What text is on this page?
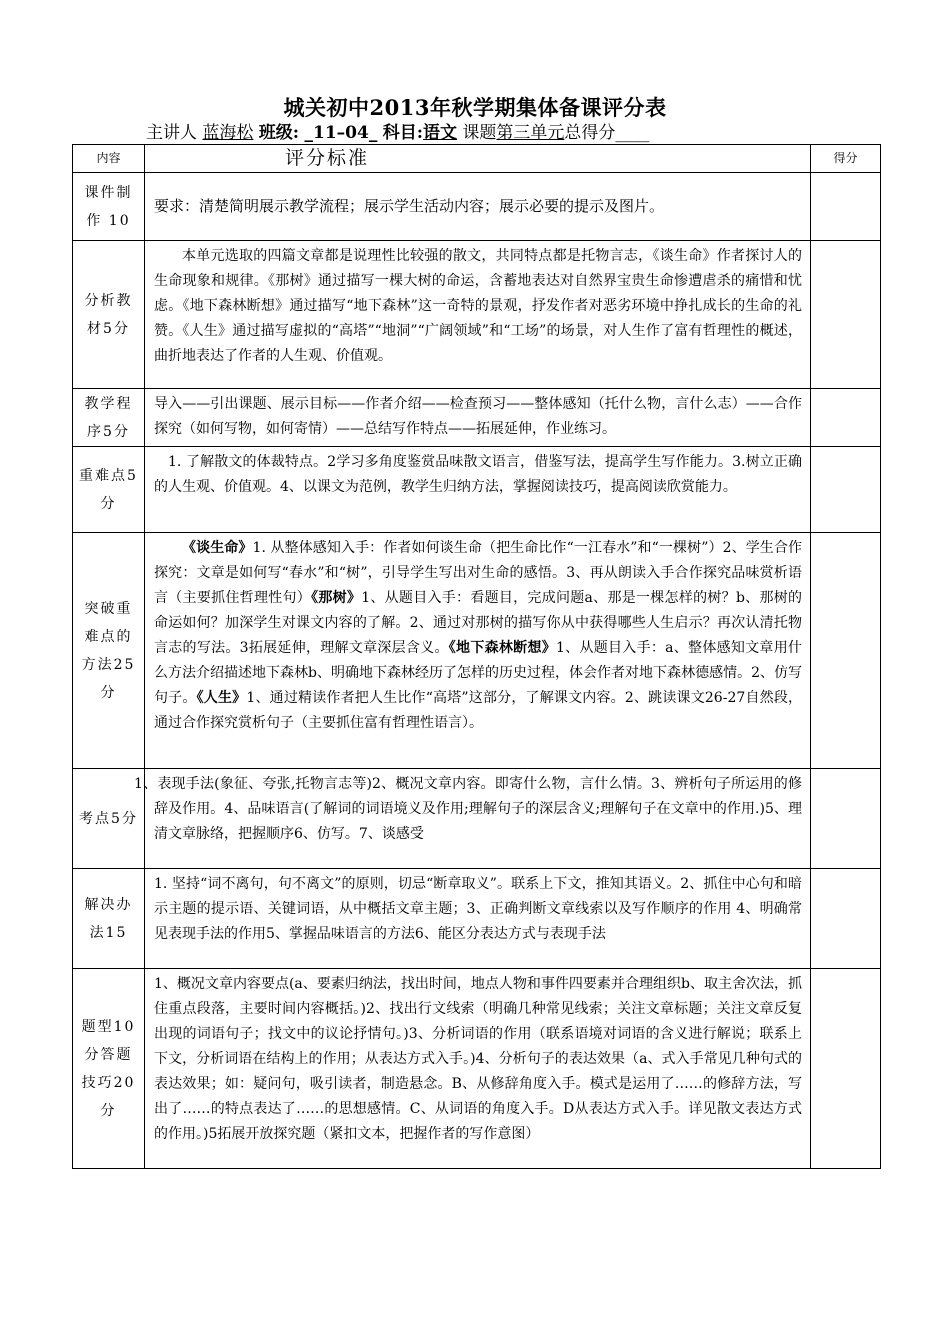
城关初中2013年秋学期集体备课评分表
主讲人 蓝海松 班级: _11–04_ 科目:语文 课题第三单元总得分____
内容	评分标准	得分
课件制作 10	要求：清楚简明展示教学流程；展示学生活动内容；展示必要的提示及图片。	
分析教材5分	本单元选取的四篇文章都是说理性比较强的散文，共同特点都是托物言志，《谈生命》作者探讨人的生命现象和规律。《那树》通过描写一棵大树的命运，含蓄地表达对自然界宝贵生命惨遭虐杀的痛惜和忧虑。《地下森林断想》通过描写“地下森林”这一奇特的景观，抒发作者对恶劣环境中挣扎成长的生命的礼赞。《人生》通过描写虚拟的“高塔”“地洞”“广阔领域”和“工场”的场景，对人生作了富有哲理性的概述，曲折地表达了作者的人生观、价值观。	
教学程序5分	导入——引出课题、展示目标——作者介绍——检查预习——整体感知（托什么物，言什么志）——合作探究（如何写物，如何寄情）——总结写作特点——拓展延伸，作业练习。	
重难点5分	1. 了解散文的体裁特点。2学习多角度鉴赏品味散文语言，借鉴写法，提高学生写作能力。3.树立正确的人生观、价值观。4、以课文为范例，教学生归纳方法，掌握阅读技巧，提高阅读欣赏能力。	
突破重难点的方法25分	《谈生命》1. 从整体感知入手：作者如何谈生命（把生命比作“一江春水”和“一棵树”）2、学生合作探究：文章是如何写“春水”和“树”，引导学生写出对生命的感悟。3、再从朗读入手合作探究品味赏析语言（主要抓住哲理性句）《那树》1、从题目入手：看题目，完成问题a、那是一棵怎样的树？b、那树的命运如何？加深学生对课文内容的了解。2、通过对那树的描写你从中获得哪些人生启示？再次认清托物言志的写法。3拓展延伸，理解文章深层含义。《地下森林断想》1、从题目入手：a、整体感知文章用什么方法介绍描述地下森林b、明确地下森林经历了怎样的历史过程，体会作者对地下森林德感情。2、仿写句子。《人生》1、通过精读作者把人生比作“高塔”这部分，了解课文内容。2、跳读课文26-27自然段，通过合作探究赏析句子（主要抓住富有哲理性语言）。	
考点5分	1、表现手法(象征、夸张,托物言志等)2、概况文章内容。即寄什么物，言什么情。3、辨析句子所运用的修辞及作用。4、品味语言(了解词的词语境义及作用;理解句子的深层含义;理解句子在文章中的作用.)5、理清文章脉络，把握顺序6、仿写。7、谈感受	
解决办法15	1. 坚持“词不离句，句不离文”的原则，切忌“断章取义”。联系上下文，推知其语义。2、抓住中心句和暗示主题的提示语、关键词语，从中概括文章主题；3、正确判断文章线索以及写作顺序的作用 4、明确常见表现手法的作用5、掌握品味语言的方法6、能区分表达方式与表现手法	
题型10分答题技巧20分	1、概况文章内容要点(a、要素归纳法，找出时间，地点人物和事件四要素并合理组织b、取主舍次法，抓住重点段落，主要时间内容概括。)2、找出行文线索（明确几种常见线索；关注文章标题；关注文章反复出现的词语句子；找文中的议论抒情句。)3、分析词语的作用（联系语境对词语的含义进行解说；联系上下文，分析词语在结构上的作用；从表达方式入手。)4、分析句子的表达效果（a、式入手常见几种句式的表达效果；如：疑问句，吸引读者，制造悬念。B、从修辞角度入手。模式是运用了……的修辞方法，写出了……的特点表达了……的思想感情。C、从词语的角度入手。D从表达方式入手。详见散文表达方式的作用。)5拓展开放探究题（紧扣文本，把握作者的写作意图）	
